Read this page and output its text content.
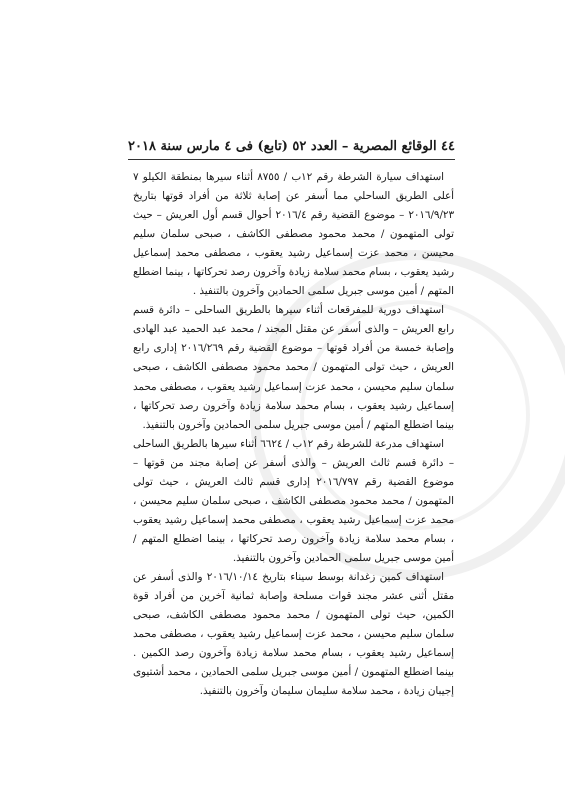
٤٤
الوقائع المصرية – العدد ٥٢ (تابع) فى ٤ مارس سنة ٢٠١٨

استهداف سيارة الشرطة رقم ١٢ب / ٨٧٥٥ أثناء سيرها بمنطقة الكيلو ٧ أعلى الطريق الساحلي مما أسفر عن إصابة ثلاثة من أفراد قوتها بتاريخ ٢٠١٦/٩/٢٣ – موضوع القضية رقم ٢٠١٦/٤ أحوال قسم أول العريش – حيث تولى المتهمون / محمد محمود مصطفى الكاشف ، صبحى سلمان سليم محيسن ، محمد عزت إسماعيل رشيد يعقوب ، مصطفى محمد إسماعيل رشيد يعقوب ، بسام محمد سلامة زيادة وآخرون رصد تحركاتها ، بينما اضطلع المتهم / أمين موسى جبريل سلمى الحمادين وآخرون بالتنفيذ .

استهداف دورية للمفرقعات أثناء سيرها بالطريق الساحلى – دائرة قسم رابع العريش – والذى أسفر عن مقتل المجند / محمد عبد الحميد عبد الهادى وإصابة خمسة من أفراد قوتها – موضوع القضية رقم ٢٠١٦/٢٦٩ إدارى رابع العريش ، حيث تولى المتهمون / محمد محمود مصطفى الكاشف ، صبحى سلمان سليم محيسن ، محمد عزت إسماعيل رشيد يعقوب ، مصطفى محمد إسماعيل رشيد يعقوب ، بسام محمد سلامة زيادة وآخرون رصد تحركاتها ، بينما اضطلع المتهم / أمين موسى جبريل سلمى الحمادين وآخرون بالتنفيذ.

استهداف مدرعة للشرطة رقم ١٢ب / ٦٦٢٤ أثناء سيرها بالطريق الساحلى – دائرة قسم ثالث العريش – والذى أسفر عن إصابة مجند من قوتها – موضوع القضية رقم ٢٠١٦/٧٩٧ إدارى قسم ثالث العريش ، حيث تولى المتهمون / محمد محمود مصطفى الكاشف ، صبحى سلمان سليم محيسن ، محمد عزت إسماعيل رشيد يعقوب ، مصطفى محمد إسماعيل رشيد يعقوب ، بسام محمد سلامة زيادة وآخرون رصد تحركاتها ، بينما اضطلع المتهم / أمين موسى جبريل سلمى الحمادين وآخرون بالتنفيذ.

استهداف كمين زغدانة بوسط سيناء بتاريخ ٢٠١٦/١٠/١٤ والذى أسفر عن مقتل أثنى عشر مجند قوات مسلحة وإصابة ثمانية آخرين من أفراد قوة الكمين، حيث تولى المتهمون / محمد محمود مصطفى الكاشف، صبحى سلمان سليم محيسن ، محمد عزت إسماعيل رشيد يعقوب ، مصطفى محمد إسماعيل رشيد يعقوب ، بسام محمد سلامة زيادة وآخرون رصد الكمين . بينما اضطلع المتهمون / أمين موسى جبريل سلمى الحمادين ، محمد أشتيوى إجيبان زيادة ، محمد سلامة سليمان سليمان وآخرون بالتنفيذ.
